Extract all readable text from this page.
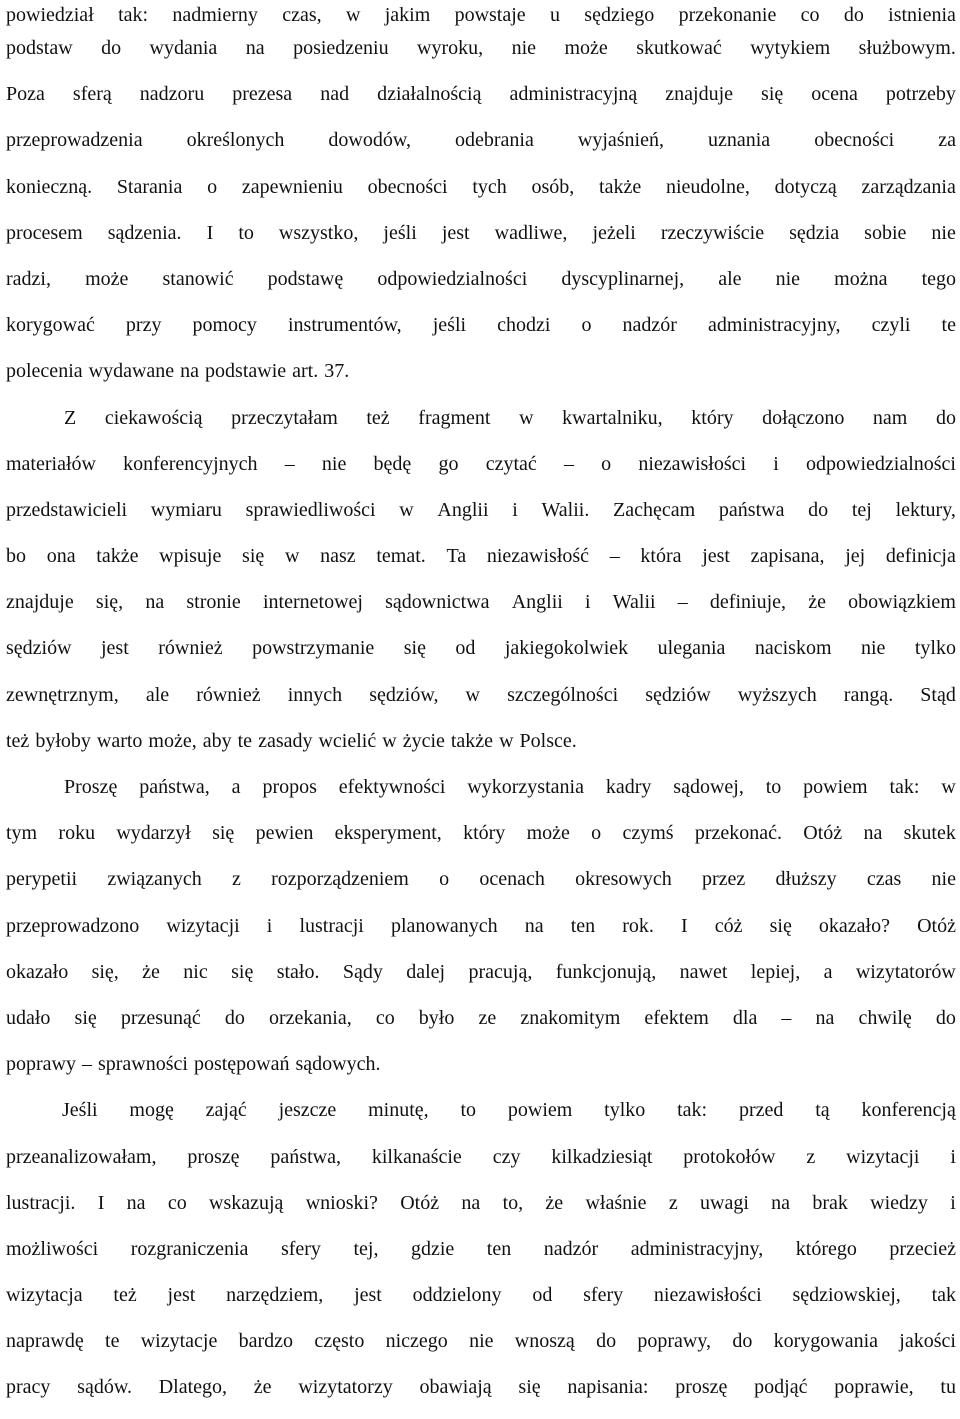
powiedział tak: nadmierny czas, w jakim powstaje u sędziego przekonanie co do istnienia
podstaw do wydania na posiedzeniu wyroku, nie może skutkować wytykiem służbowym.
Poza sferą nadzoru prezesa nad działalnością administracyjną znajduje się ocena potrzeby
przeprowadzenia określonych dowodów, odebrania wyjaśnień, uznania obecności za
konieczną. Starania o zapewnieniu obecności tych osób, także nieudolne, dotyczą zarządzania
procesem sądzenia. I to wszystko, jeśli jest wadliwe, jeżeli rzeczywiście sędzia sobie nie
radzi, może stanowić podstawę odpowiedzialności dyscyplinarnej, ale nie można tego
korygować przy pomocy instrumentów, jeśli chodzi o nadzór administracyjny, czyli te
polecenia wydawane na podstawie art. 37.
Z ciekawością przeczytałam też fragment w kwartalniku, który dołączono nam do
materiałów konferencyjnych – nie będę go czytać – o niezawisłości i odpowiedzialności
przedstawicieli wymiaru sprawiedliwości w Anglii i Walii. Zachęcam państwa do tej lektury,
bo ona także wpisuje się w nasz temat. Ta niezawisłość – która jest zapisana, jej definicja
znajduje się, na stronie internetowej sądownictwa Anglii i Walii – definiuje, że obowiązkiem
sędziów jest również powstrzymanie się od jakiegokolwiek ulegania naciskom nie tylko
zewnętrznym, ale również innych sędziów, w szczególności sędziów wyższych rangą. Stąd
też byłoby warto może, aby te zasady wcielić w życie także w Polsce.
Proszę państwa, a propos efektywności wykorzystania kadry sądowej, to powiem tak: w
tym roku wydarzył się pewien eksperyment, który może o czymś przekonać. Otóż na skutek
perypetii związanych z rozporządzeniem o ocenach okresowych przez dłuższy czas nie
przeprowadzono wizytacji i lustracji planowanych na ten rok. I cóż się okazało? Otóż
okazało się, że nic się stało. Sądy dalej pracują, funkcjonują, nawet lepiej, a wizytatorów
udało się przesunąć do orzekania, co było ze znakomitym efektem dla – na chwilę do
poprawy – sprawności postępowań sądowych.
Jeśli mogę zająć jeszcze minutę, to powiem tylko tak: przed tą konferencją
przeanalizowałam, proszę państwa, kilkanaście czy kilkadziesiąt protokołów z wizytacji i
lustracji. I na co wskazują wnioski? Otóż na to, że właśnie z uwagi na brak wiedzy i
możliwości rozgraniczenia sfery tej, gdzie ten nadzór administracyjny, którego przecież
wizytacja też jest narzędziem, jest oddzielony od sfery niezawisłości sędziowskiej, tak
naprawdę te wizytacje bardzo często niczego nie wnoszą do poprawy, do korygowania jakości
pracy sądów. Dlatego, że wizytatorzy obawiają się napisania: proszę podjąć poprawie, tu
